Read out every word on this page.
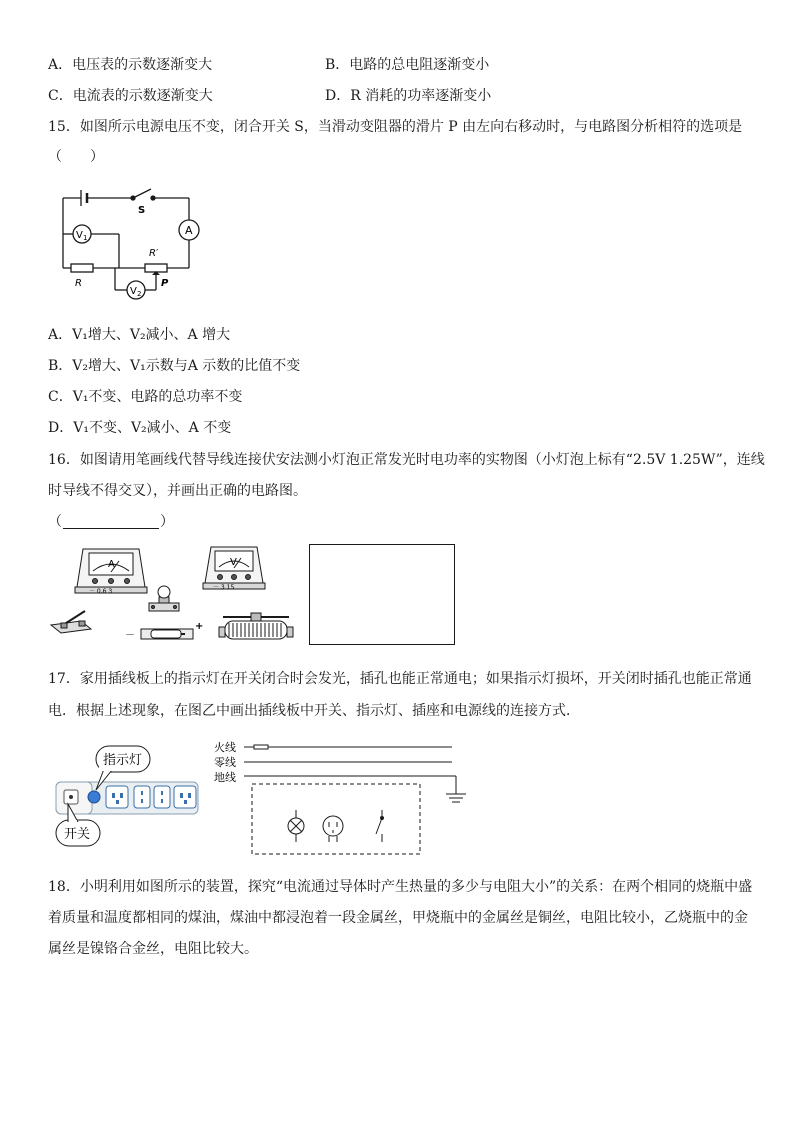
A．电压表的示数逐渐变大	B．电路的总电阻逐渐变小
C．电流表的示数逐渐变大	D．R 消耗的功率逐渐变小
15．如图所示电源电压不变，闭合开关 S，当滑动变阻器的滑片 P 由左向右移动时，与电路图分析相符的选项是
（　　）
S
A
V 1
V 2
R′
R	P
A．V₁增大、V₂减小、A 增大
B．V₂增大、V₁示数与A 示数的比值不变
C．V₁不变、电路的总功率不变
D．V₁不变、V₂减小、A 不变
16．如图请用笔画线代替导线连接伏安法测小灯泡正常发光时电功率的实物图（小灯泡上标有“2.5V 1.25W”，连线
时导线不得交叉），并画出正确的电路图。
（	）
A	V
－ 0.6 3
－ 3 15
－
+
17．家用插线板上的指示灯在开关闭合时会发光，插孔也能正常通电；如果指示灯损坏，开关闭时插孔也能正常通
电．根据上述现象，在图乙中画出插线板中开关、指示灯、插座和电源线的连接方式．
指示灯
开关
火线
零线
地线
18．小明利用如图所示的装置，探究“电流通过导体时产生热量的多少与电阻大小”的关系：在两个相同的烧瓶中盛
着质量和温度都相同的煤油，煤油中都浸泡着一段金属丝，甲烧瓶中的金属丝是铜丝，电阻比较小，乙烧瓶中的金
属丝是镍铬合金丝，电阻比较大。
